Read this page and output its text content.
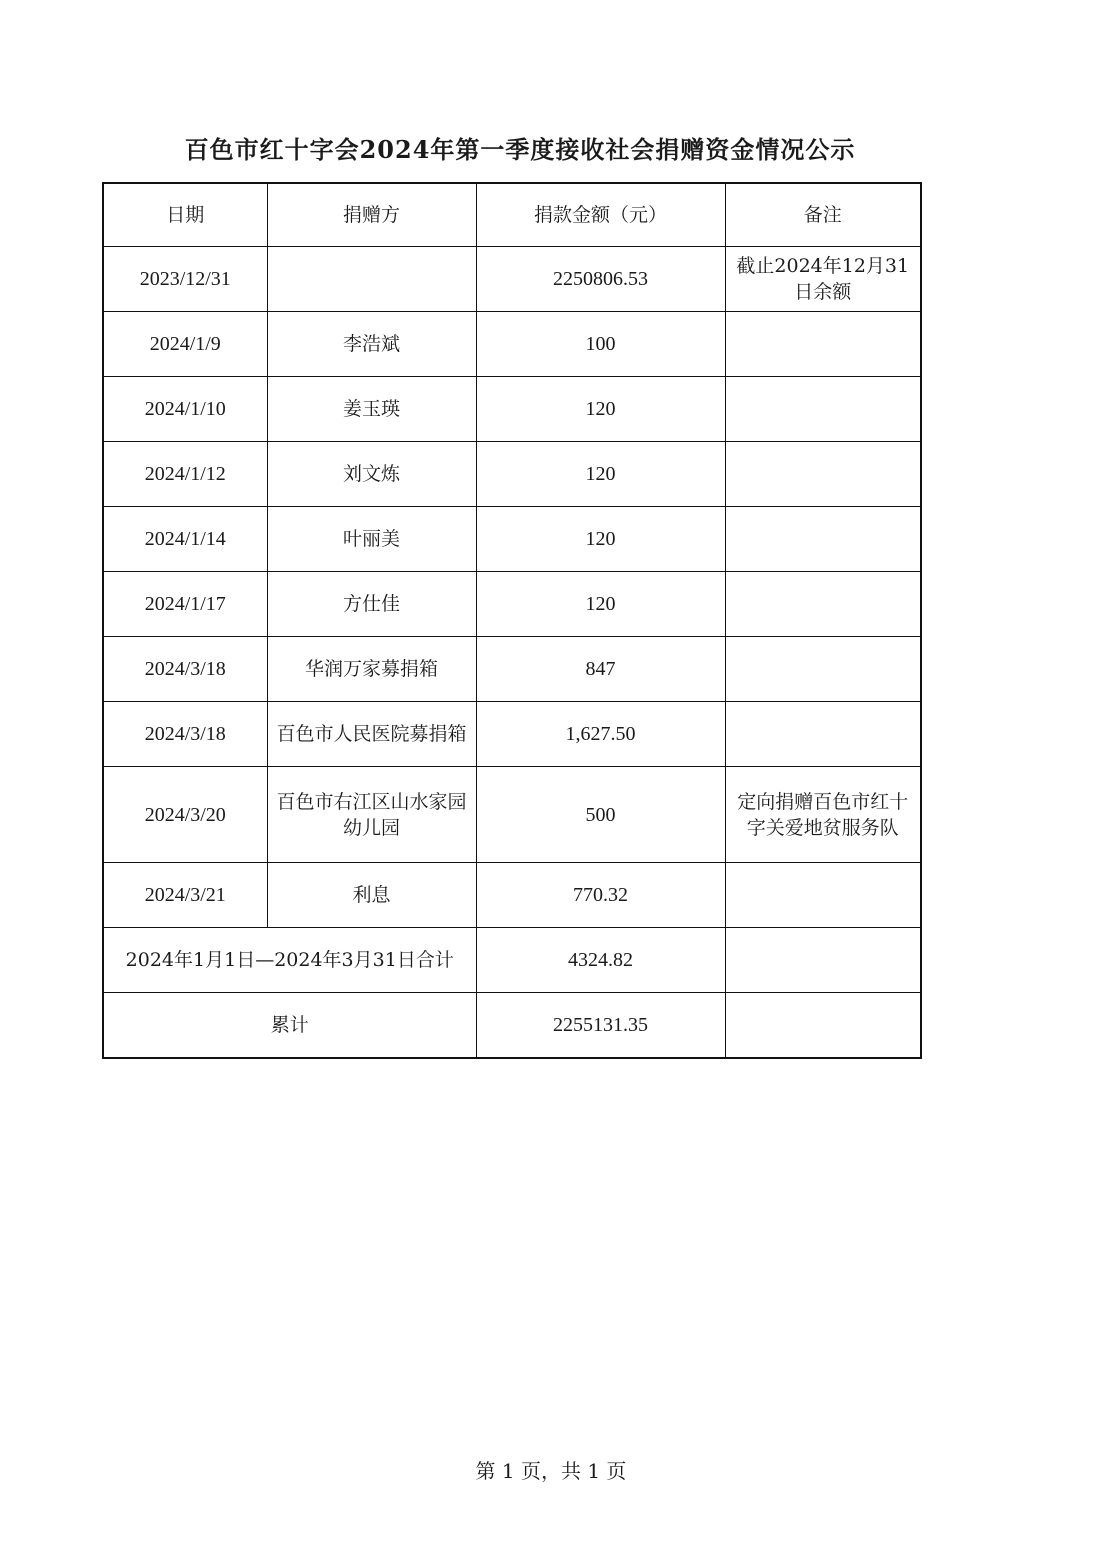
百色市红十字会2024年第一季度接收社会捐赠资金情况公示
日期	捐赠方	捐款金额（元）	备注
2023/12/31		2250806.53	截止2024年12月31日余额
2024/1/9	李浩斌	100	
2024/1/10	姜玉瑛	120	
2024/1/12	刘文炼	120	
2024/1/14	叶丽美	120	
2024/1/17	方仕佳	120	
2024/3/18	华润万家募捐箱	847	
2024/3/18	百色市人民医院募捐箱	1,627.50	
2024/3/20	百色市右江区山水家园幼儿园	500	定向捐赠百色市红十字关爱地贫服务队
2024/3/21	利息	770.32	
2024年1月1日—2024年3月31日合计		4324.82	
累计		2255131.35	
第 1 页，共 1 页
